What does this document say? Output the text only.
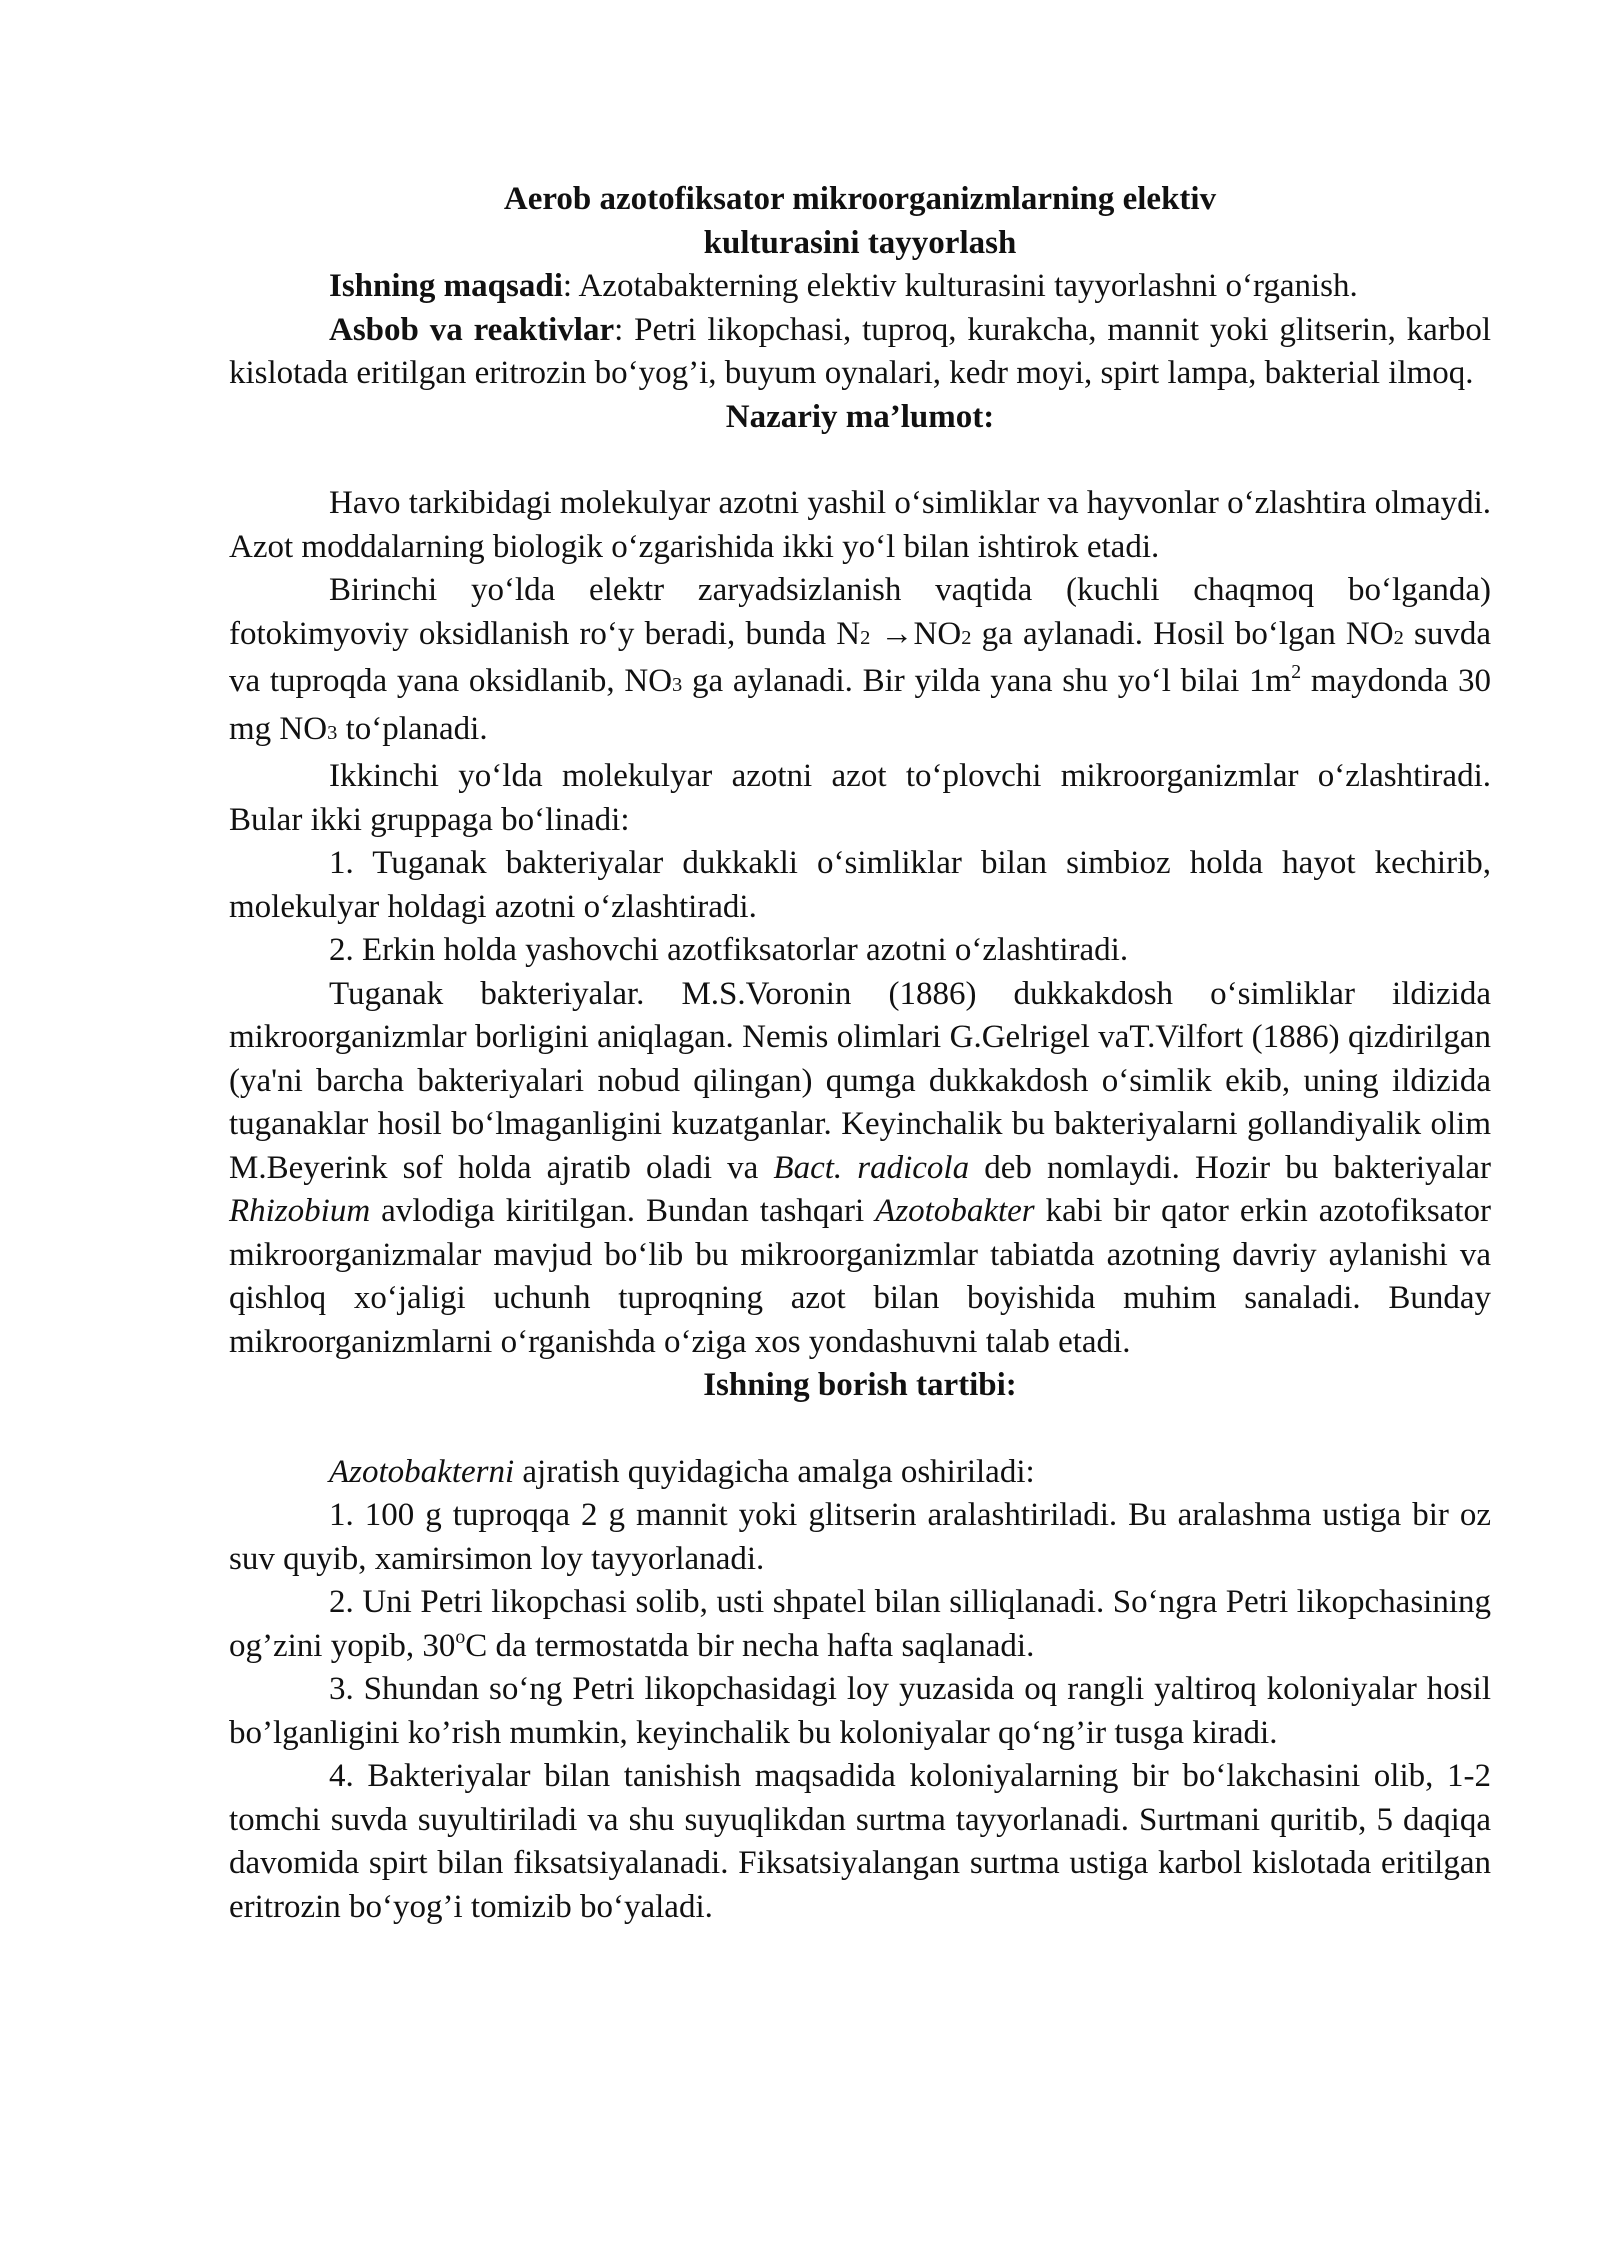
Aerob azotofiksator mikroorganizmlarning elektiv
kulturasini tayyorlash

Ishning maqsadi: Azotabakterning elektiv kulturasini tayyorlashni o‘rganish.

Asbob va reaktivlar: Petri likopchasi, tuproq, kurakcha, mannit yoki glitserin, karbol kislotada eritilgan eritrozin bo‘yog’i, buyum oynalari, kedr moyi, spirt lampa, bakterial ilmoq.

Nazariy ma’lumot:

Havo tarkibidagi molekulyar azotni yashil o‘simliklar va hayvonlar o‘zlashtira olmaydi. Azot moddalarning biologik o‘zgarishida ikki yo‘l bilan ishtirok etadi.

Birinchi yo‘lda elektr zaryadsizlanish vaqtida (kuchli chaqmoq bo‘lganda) fotokimyoviy oksidlanish ro‘y beradi, bunda N2 →NO2 ga aylanadi. Hosil bo‘lgan NO2 suvda va tuproqda yana oksidlanib, NO3 ga aylanadi. Bir yilda yana shu yo‘l bilai $1m^2$ maydonda 30 mg NO3 to‘planadi.

Ikkinchi yo‘lda molekulyar azotni azot to‘plovchi mikroorganizmlar o‘zlashtiradi. Bular ikki gruppaga bo‘linadi:

1. Tuganak bakteriyalar dukkakli o‘simliklar bilan simbioz holda hayot kechirib, molekulyar holdagi azotni o‘zlashtiradi.

2. Erkin holda yashovchi azotfiksatorlar azotni o‘zlashtiradi.

Tuganak bakteriyalar. M.S.Voronin (1886) dukkakdosh o‘simliklar ildizida mikroorganizmlar borligini aniqlagan. Nemis olimlari G.Gelrigel vaT.Vilfort (1886) qizdirilgan (ya'ni barcha bakteriyalari nobud qilingan) qumga dukkakdosh o‘simlik ekib, uning ildizida tuganaklar hosil bo‘lmaganligini kuzatganlar. Keyinchalik bu bakteriyalarni gollandiyalik olim M.Beyerink sof holda ajratib oladi va Bact. radicola deb nomlaydi. Hozir bu bakteriyalar Rhizobium avlodiga kiritilgan. Bundan tashqari Azotobakter kabi bir qator erkin azotofiksator mikroorganizmalar mavjud bo‘lib bu mikroorganizmlar tabiatda azotning davriy aylanishi va qishloq xo‘jaligi uchunh tuproqning azot bilan boyishida muhim sanaladi. Bunday mikroorganizmlarni o‘rganishda o‘ziga xos yondashuvni talab etadi.

Ishning borish tartibi:

Azotobakterni ajratish quyidagicha amalga oshiriladi:

1. 100 g tuproqqa 2 g mannit yoki glitserin aralashtiriladi. Bu aralashma ustiga bir oz suv quyib, xamirsimon loy tayyorlanadi.

2. Uni Petri likopchasi solib, usti shpatel bilan silliqlanadi. So‘ngra Petri likopchasining og’zini yopib, 30$^o$C da termostatda bir necha hafta saqlanadi.

3. Shundan so‘ng Petri likopchasidagi loy yuzasida oq rangli yaltiroq koloniyalar hosil bo’lganligini ko’rish mumkin, keyinchalik bu koloniyalar qo‘ng’ir tusga kiradi.

4. Bakteriyalar bilan tanishish maqsadida koloniyalarning bir bo‘lakchasini olib, 1-2 tomchi suvda suyultiriladi va shu suyuqlikdan surtma tayyorlanadi. Surtmani quritib, 5 daqiqa davomida spirt bilan fiksatsiyalanadi. Fiksatsiyalangan surtma ustiga karbol kislotada eritilgan eritrozin bo‘yog’i tomizib bo‘yaladi.
